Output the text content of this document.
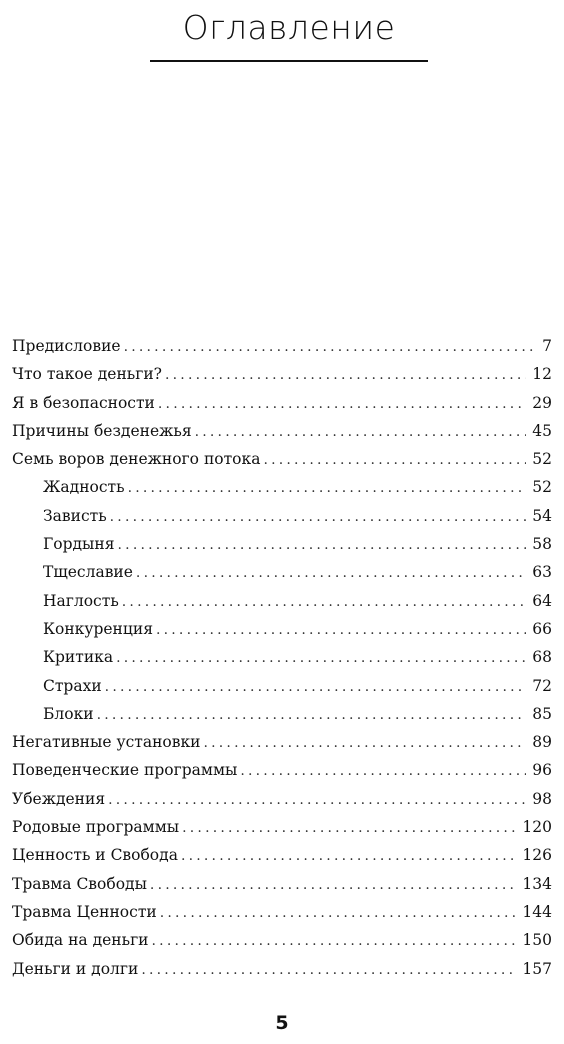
Оглавление
Предисловие .....	7
Что такое деньги? .....	12
Я в безопасности .....	29
Причины безденежья .....	45
Семь воров денежного потока .....	52
Жадность .....	52
Зависть .....	54
Гордыня .....	58
Тщеславие .....	63
Наглость .....	64
Конкуренция .....	66
Критика .....	68
Страхи .....	72
Блоки .....	85
Негативные установки .....	89
Поведенческие программы .....	96
Убеждения .....	98
Родовые программы .....	120
Ценность и Свобода .....	126
Травма Свободы .....	134
Травма Ценности .....	144
Обида на деньги .....	150
Деньги и долги .....	157
5
